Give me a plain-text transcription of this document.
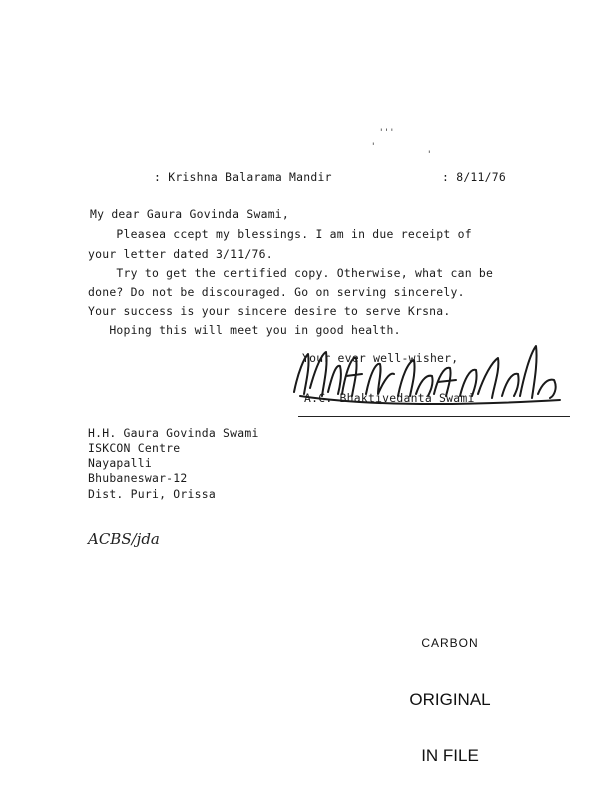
' ' '
'
'
: Krishna Balarama Mandir	: 8/11/76
My dear Gaura Govinda Swami,
Pleasea ccept my blessings. I am in due receipt of
your letter dated 3/11/76.
Try to get the certified copy. Otherwise, what can be
done? Do not be discouraged. Go on serving sincerely.
Your success is your sincere desire to serve Krsna.
Hoping this will meet you in good health.
Your ever well-wisher,
A.C. Bhaktivedanta Swami
H.H. Gaura Govinda Swami
ISKCON Centre
Nayapalli
Bhubaneswar-12
Dist. Puri, Orissa
ACBS/jda

CARBON

ORIGINAL

IN FILE
